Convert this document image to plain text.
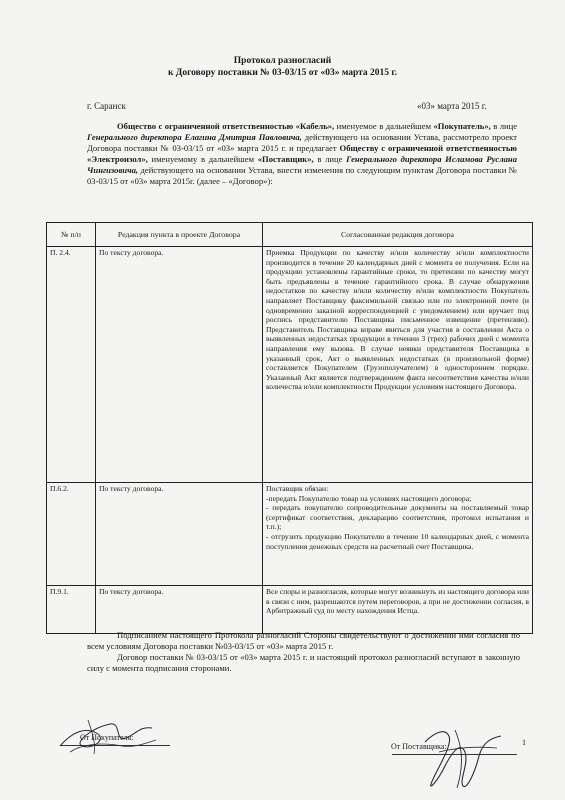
Протокол разногласий
к Договору поставки № 03-03/15 от «03» марта 2015 г.
г. Саранск	«03» марта 2015 г.
Общество с ограниченной ответственностью «Кабель», именуемое в дальнейшем «Покупатель», в лице Генерального директора Елагина Дмитрия Павловича, действующего на основании Устава, рассмотрело проект Договора поставки № 03-03/15 от «03» марта 2015 г. и предлагает Обществу с ограниченной ответственностью «Электроизол», именуемому в дальнейшем «Поставщик», в лице Генерального директора Исламова Руслана Чингизовича, действующего на основании Устава, внести изменения по следующим пунктам Договора поставки № 03-03/15 от «03» марта 2015г. (далее – «Договор»):
№ п/п	Редакция пункта в проекте Договора	Согласованная редакция договора
П. 2.4.	По тексту договора.	Приемка Продукции по качеству и/или количеству и/или комплектности производится в течение 20 календарных дней с момента ее получения. Если на продукцию установлены гарантийные сроки, то претензии по качеству могут быть предъявлены в течение гарантийного срока. В случае обнаружения недостатков по качеству и/или количеству и/или комплектности Покупатель направляет Поставщику факсимильной связью или по электронной почте (и одновременно заказной корреспонденцией с уведомлением) или вручает под роспись представителю Поставщика письменное извещение (претензию). Представитель Поставщика вправе явиться для участия в составлении Акта о выявленных недостатках продукции в течении 3 (трех) рабочих дней с момента направления ему вызова. В случае неявки представителя Поставщика в указанный срок, Акт о выявленных недостатках (в произвольной форме) составляется Покупателем (Грузополучателем) в одностороннем порядке. Указанный Акт является подтверждением факта несоответствия качества и/или количества и/или комплектности Продукции условиям настоящего Договора.
П.6.2.	По тексту договора.	Поставщик обязан:
-передать Покупателю товар на условиях настоящего договора;
- передать покупателю сопроводительные документы на поставляемый товар (сертификат соответствия, декларацию соответствия, протокол испытания и т.п.);
- отгрузить продукцию Покупателю в течение 10 календарных дней, с момента поступления денежных средств на расчетный счет Поставщика.

П.9.1.	По тексту договора.	Все споры и разногласия, которые могут возникнуть из настоящего договора или в связи с ним, разрешаются путем переговоров, а при не достижении согласия, в Арбитражный суд по месту нахождения Истца.

Подписанием настоящего Протокола разногласий Стороны свидетельствуют о достижении ими согласия по всем условиям Договора поставки №03-03/15 от «03» марта 2015 г.

Договор поставки № 03-03/15 от «03» марта 2015 г. и настоящий протокол разногласий вступают в законную силу с момента подписания сторонами.

От Покупателя:
От Поставщика:	1
